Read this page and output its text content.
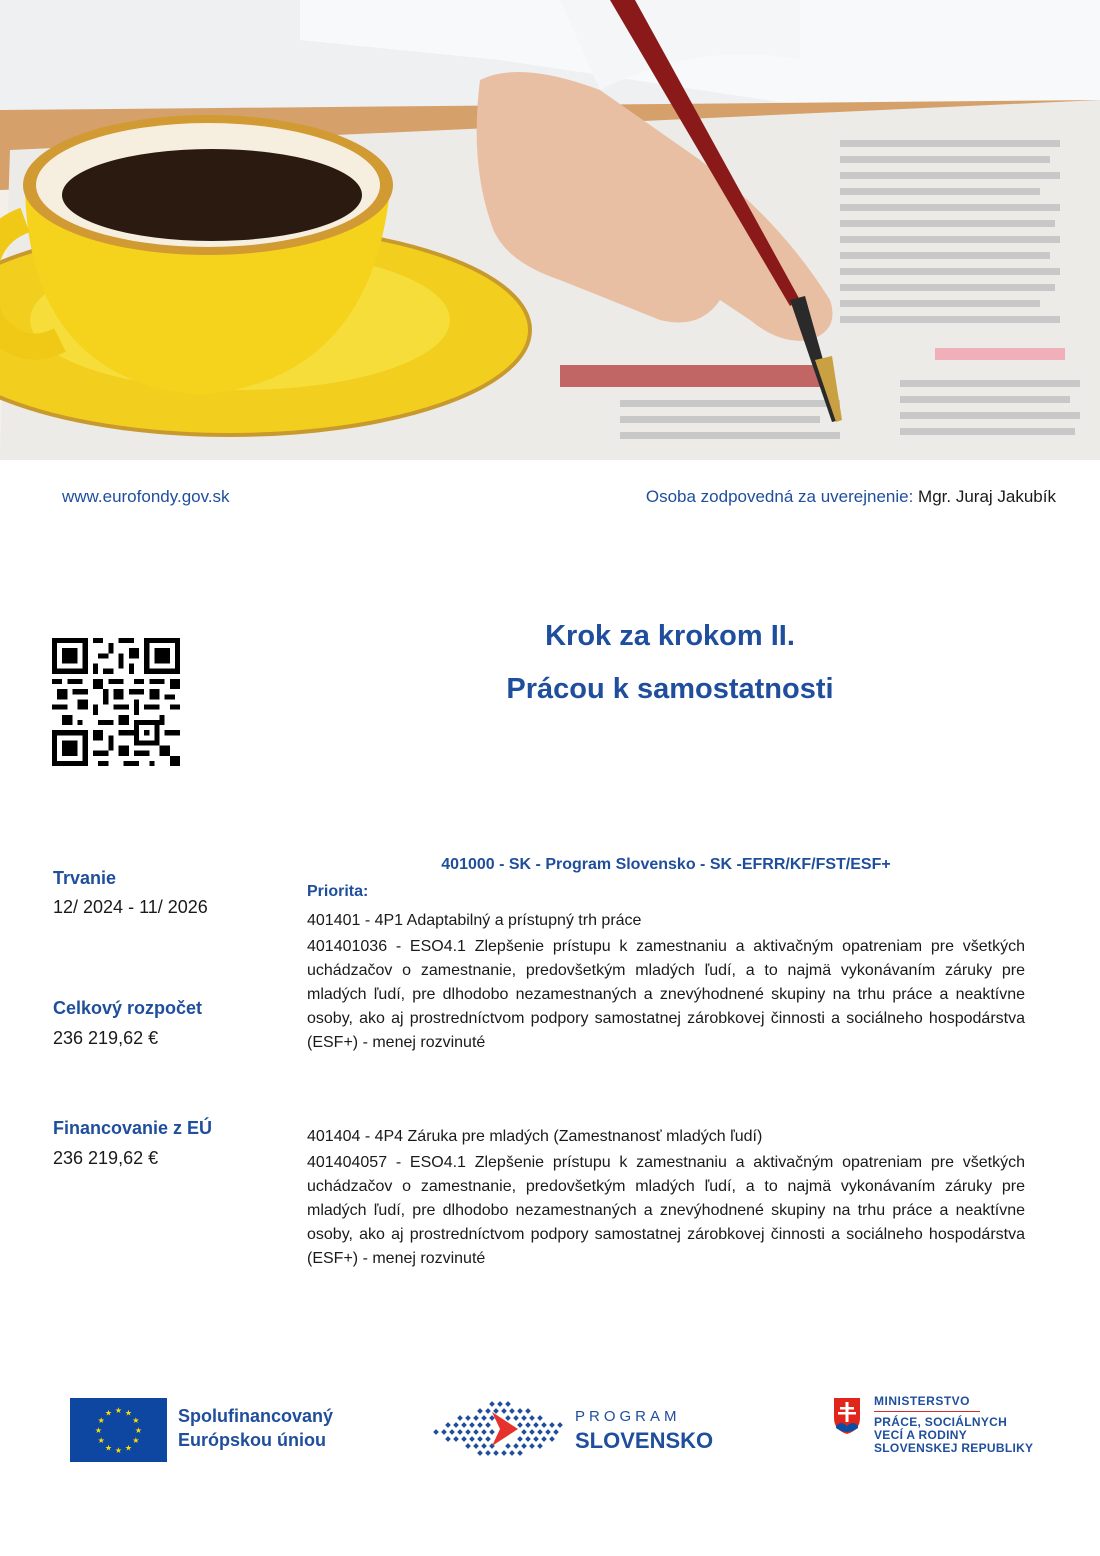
www.eurofondy.gov.sk	Osoba zodpovedná za uverejnenie: Mgr. Juraj Jakubík
Krok za krokom II.
Prácou k samostatnosti
Trvanie
12/ 2024 - 11/ 2026
Celkový rozpočet
236 219,62 €
Financovanie z EÚ
236 219,62 €
401000 - SK - Program Slovensko - SK -EFRR/KF/FST/ESF+
Priorita:
401401 - 4P1 Adaptabilný a prístupný trh práce
401401036 - ESO4.1 Zlepšenie prístupu k zamestnaniu a aktivačným opatreniam pre všetkých uchádzačov o zamestnanie, predovšetkým mladých ľudí, a to najmä vykonávaním záruky pre mladých ľudí, pre dlhodobo nezamestnaných a znevýhodnené skupiny na trhu práce a neaktívne osoby, ako aj prostredníctvom podpory samostatnej zárobkovej činnosti a sociálneho hospodárstva (ESF+) - menej rozvinuté
401404 - 4P4 Záruka pre mladých (Zamestnanosť mladých ľudí)
401404057 - ESO4.1 Zlepšenie prístupu k zamestnaniu a aktivačným opatreniam pre všetkých uchádzačov o zamestnanie, predovšetkým mladých ľudí, a to najmä vykonávaním záruky pre mladých ľudí, pre dlhodobo nezamestnaných a znevýhodnené skupiny na trhu práce a neaktívne osoby, ako aj prostredníctvom podpory samostatnej zárobkovej činnosti a sociálneho hospodárstva (ESF+) - menej rozvinuté
★
★
★
★
★
★
★
★
★ ★ ★
★ Spolufinancovaný
Európskou úniou
PROGRAM
SLOVENSKO
MINISTERSTVO
PRÁCE, SOCIÁLNYCH
VECÍ A RODINY
SLOVENSKEJ REPUBLIKY
